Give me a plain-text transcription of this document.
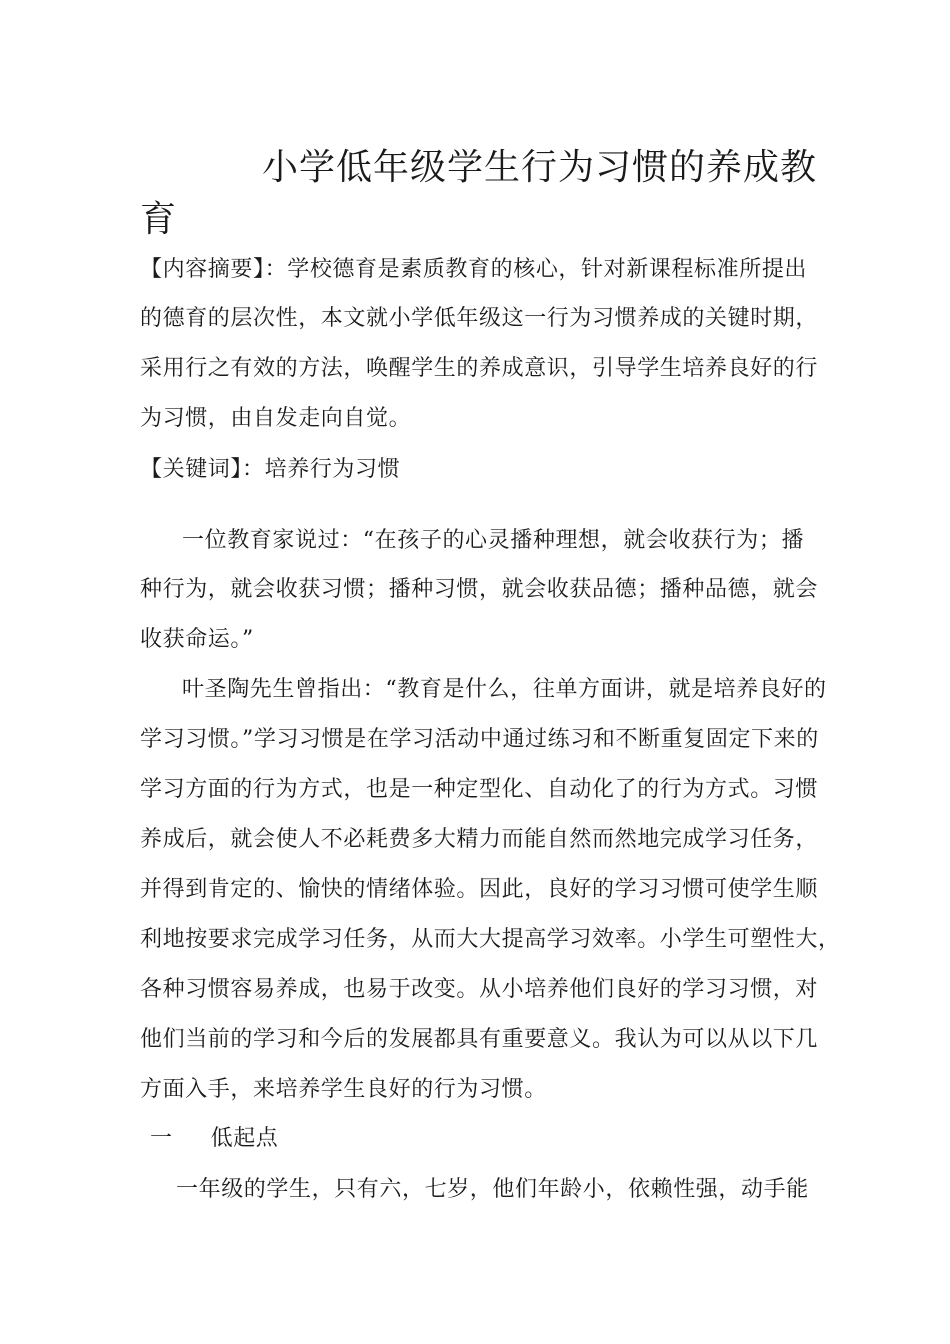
小学低年级学生行为习惯的养成教
育
【内容摘要】：学校德育是素质教育的核心，针对新课程标准所提出
的德育的层次性，本文就小学低年级这一行为习惯养成的关键时期，
采用行之有效的方法，唤醒学生的养成意识，引导学生培养良好的行
为习惯，由自发走向自觉。
【关键词】：培养行为习惯
一位教育家说过：“在孩子的心灵播种理想，就会收获行为；播
种行为，就会收获习惯；播种习惯，就会收获品德；播种品德，就会
收获命运。”
叶圣陶先生曾指出：“教育是什么，往单方面讲，就是培养良好的
学习习惯。”学习习惯是在学习活动中通过练习和不断重复固定下来的
学习方面的行为方式，也是一种定型化、自动化了的行为方式。习惯
养成后，就会使人不必耗费多大精力而能自然而然地完成学习任务，
并得到肯定的、愉快的情绪体验。因此，良好的学习习惯可使学生顺
利地按要求完成学习任务，从而大大提高学习效率。小学生可塑性大，
各种习惯容易养成，也易于改变。从小培养他们良好的学习习惯，对
他们当前的学习和今后的发展都具有重要意义。我认为可以从以下几
方面入手，来培养学生良好的行为习惯。
一 低起点
一年级的学生，只有六，七岁，他们年龄小，依赖性强，动手能
